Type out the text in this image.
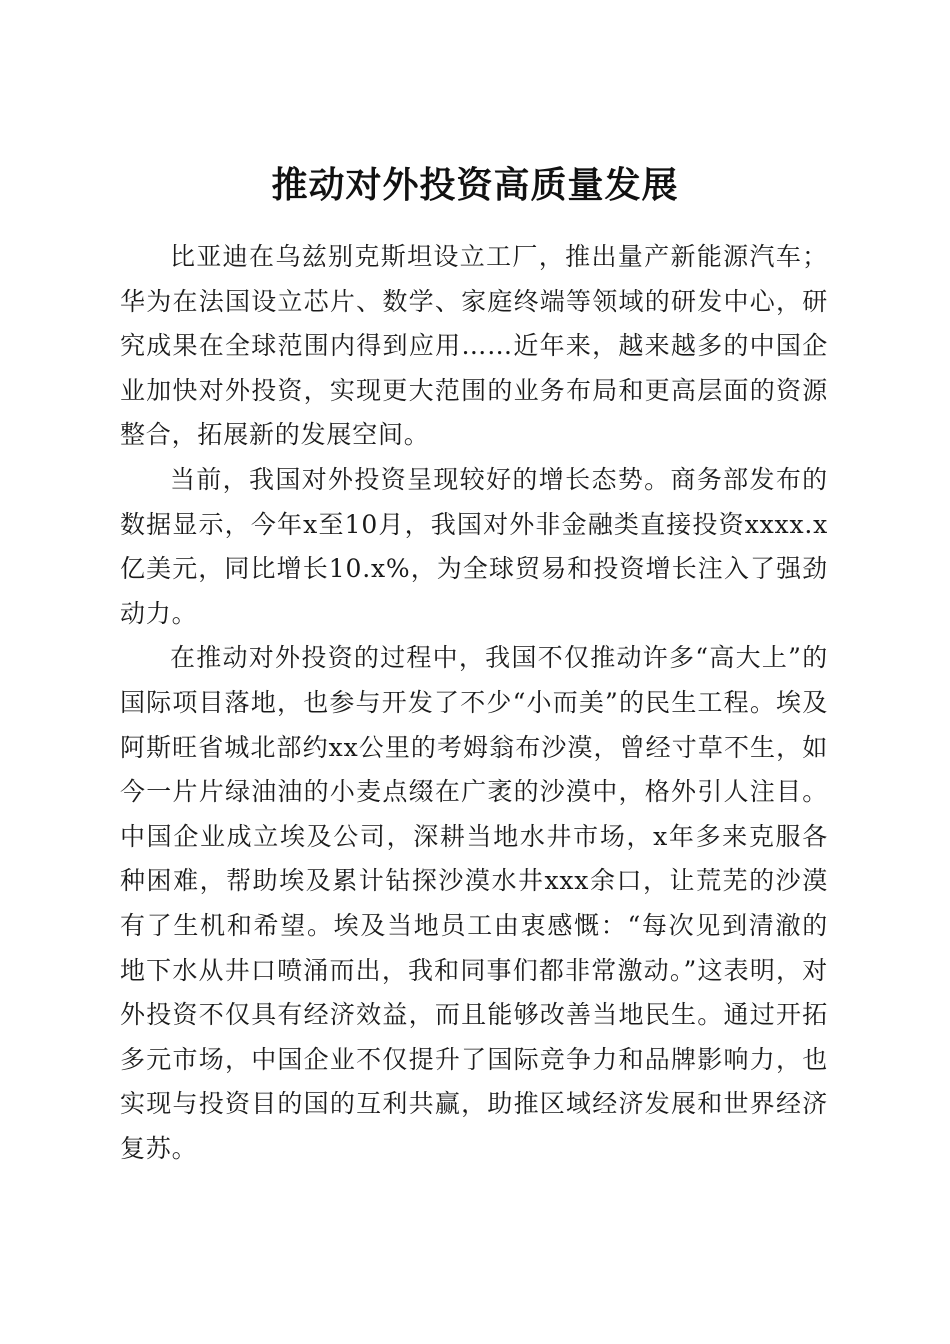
推动对外投资高质量发展

比亚迪在乌兹别克斯坦设立工厂，推出量产新能源汽车；华为在法国设立芯片、数学、家庭终端等领域的研发中心，研究成果在全球范围内得到应用……近年来，越来越多的中国企业加快对外投资，实现更大范围的业务布局和更高层面的资源整合，拓展新的发展空间。

当前，我国对外投资呈现较好的增长态势。商务部发布的数据显示，今年x至10月，我国对外非金融类直接投资xxxx.x亿美元，同比增长10.x%，为全球贸易和投资增长注入了强劲动力。

在推动对外投资的过程中，我国不仅推动许多“高大上”的国际项目落地，也参与开发了不少“小而美”的民生工程。埃及阿斯旺省城北部约xx公里的考姆翁布沙漠，曾经寸草不生，如今一片片绿油油的小麦点缀在广袤的沙漠中，格外引人注目。中国企业成立埃及公司，深耕当地水井市场，x年多来克服各种困难，帮助埃及累计钻探沙漠水井xxx余口，让荒芜的沙漠有了生机和希望。埃及当地员工由衷感慨：“每次见到清澈的地下水从井口喷涌而出，我和同事们都非常激动。”这表明，对外投资不仅具有经济效益，而且能够改善当地民生。通过开拓多元市场，中国企业不仅提升了国际竞争力和品牌影响力，也实现与投资目的国的互利共赢，助推区域经济发展和世界经济复苏。
